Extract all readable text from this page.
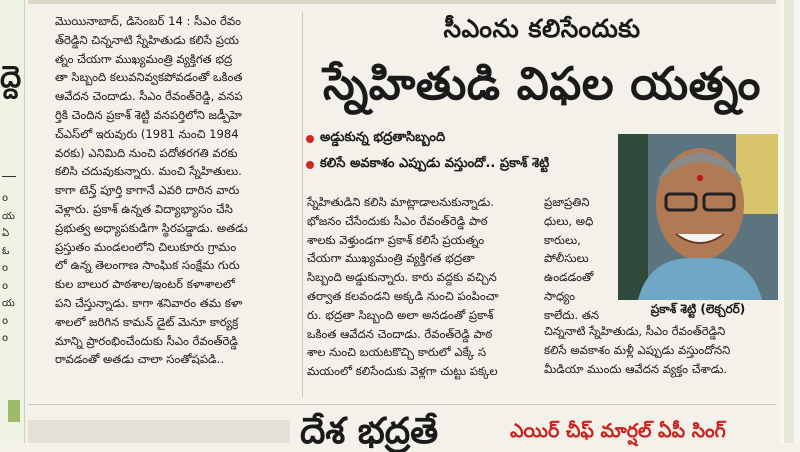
ద్దె
o
య
ఏ
ఓ
o
o
య
o
o
మొయినాబాద్, డిసెంబర్ 14 : సీఎం రేవం
త్‌రెడ్డిని చిన్ననాటి స్నేహితుడు కలిసే ప్రయ
త్నం చేయగా ముఖ్యమంత్రి వ్యక్తిగత భద్ర
తా సిబ్బంది కలువనివ్వకపోవడంతో ఒకింత
ఆవేదన చెందాడు. సీఎం రేవంత్‌రెడ్డి, వనప
ర్తికి చెందిన ప్రకాశ్ శెట్టి వనపర్తిలోని జడ్పీహె
చ్ఎస్‌లో ఇరువురు (1981 నుంచి 1984
వరకు) ఎనిమిది నుంచి పదోతరగతి వరకు
కలిసి చదువుకున్నారు. మంచి స్నేహితులు.
కాగా టెన్త్ పూర్తి కాగానే ఎవరి దారిన వారు
వెళ్లారు. ప్రకాశ్ ఉన్నత విద్యాభ్యాసం చేసి
ప్రభుత్వ అధ్యాపకుడిగా స్థిరపడ్డాడు. అతడు
ప్రస్తుతం మండలంలోని చిలుకూరు గ్రామం
లో ఉన్న తెలంగాణ సాంఘిక సంక్షేమ గురు
కుల బాలుర పాఠశాల/ఇంటర్ కళాశాలలో
పని చేస్తున్నాడు. కాగా శనివారం తమ కళా
శాలలో జరిగిన కామన్ డైట్ మెనూ కార్యక్ర
మాన్ని ప్రారంభించేందుకు సీఎం రేవంత్‌రెడ్డి
రావడంతో అతడు చాలా సంతోషపడి..
సీఎంను కలిసేందుకు
స్నేహితుడి విఫల యత్నం
అడ్డుకున్న భద్రతాసిబ్బంది
కలిసే అవకాశం ఎప్పుడు వస్తుందో.. ప్రకాశ్ శెట్టి
ప్రకాశ్ శెట్టి (లెక్చరర్)
స్నేహితుడిని కలిసి మాట్లాడాలనుకున్నాడు.
భోజనం చేసేందుకు సీఎం రేవంత్‌రెడ్డి పాఠ
శాలకు వెళ్తుండగా ప్రకాశ్ కలిసే ప్రయత్నం
చేయగా ముఖ్యమంత్రి వ్యక్తిగత భద్రతా
సిబ్బంది అడ్డుకున్నారు. కారు వద్దకు వచ్చిన
తర్వాత కలవండని అక్కడి నుంచి పంపించా
రు. భద్రతా సిబ్బంది అలా అనడంతో ప్రకాశ్
ఒకింత ఆవేదన చెందాడు. రేవంత్‌రెడ్డి పాఠ
శాల నుంచి బయటకొచ్చి కారులో ఎక్కే స
మయంలో కలిసేందుకు వెళ్లగా చుట్టు పక్కల
ప్రజాప్రతిని
ధులు, అధి
కారులు,
పోలీసులు
ఉండడంతో
సాధ్యం
కాలేదు. తన
చిన్ననాటి స్నేహితుడు, సీఎం రేవంత్‌రెడ్డిని
కలిసే అవకాశం మళ్లీ ఎప్పుడు వస్తుందోనని
మీడియా ముందు ఆవేదన వ్యక్తం చేశాడు.
దేశ భద్రతే	ఎయిర్ చీఫ్ మార్షల్ ఏపీ సింగ్
